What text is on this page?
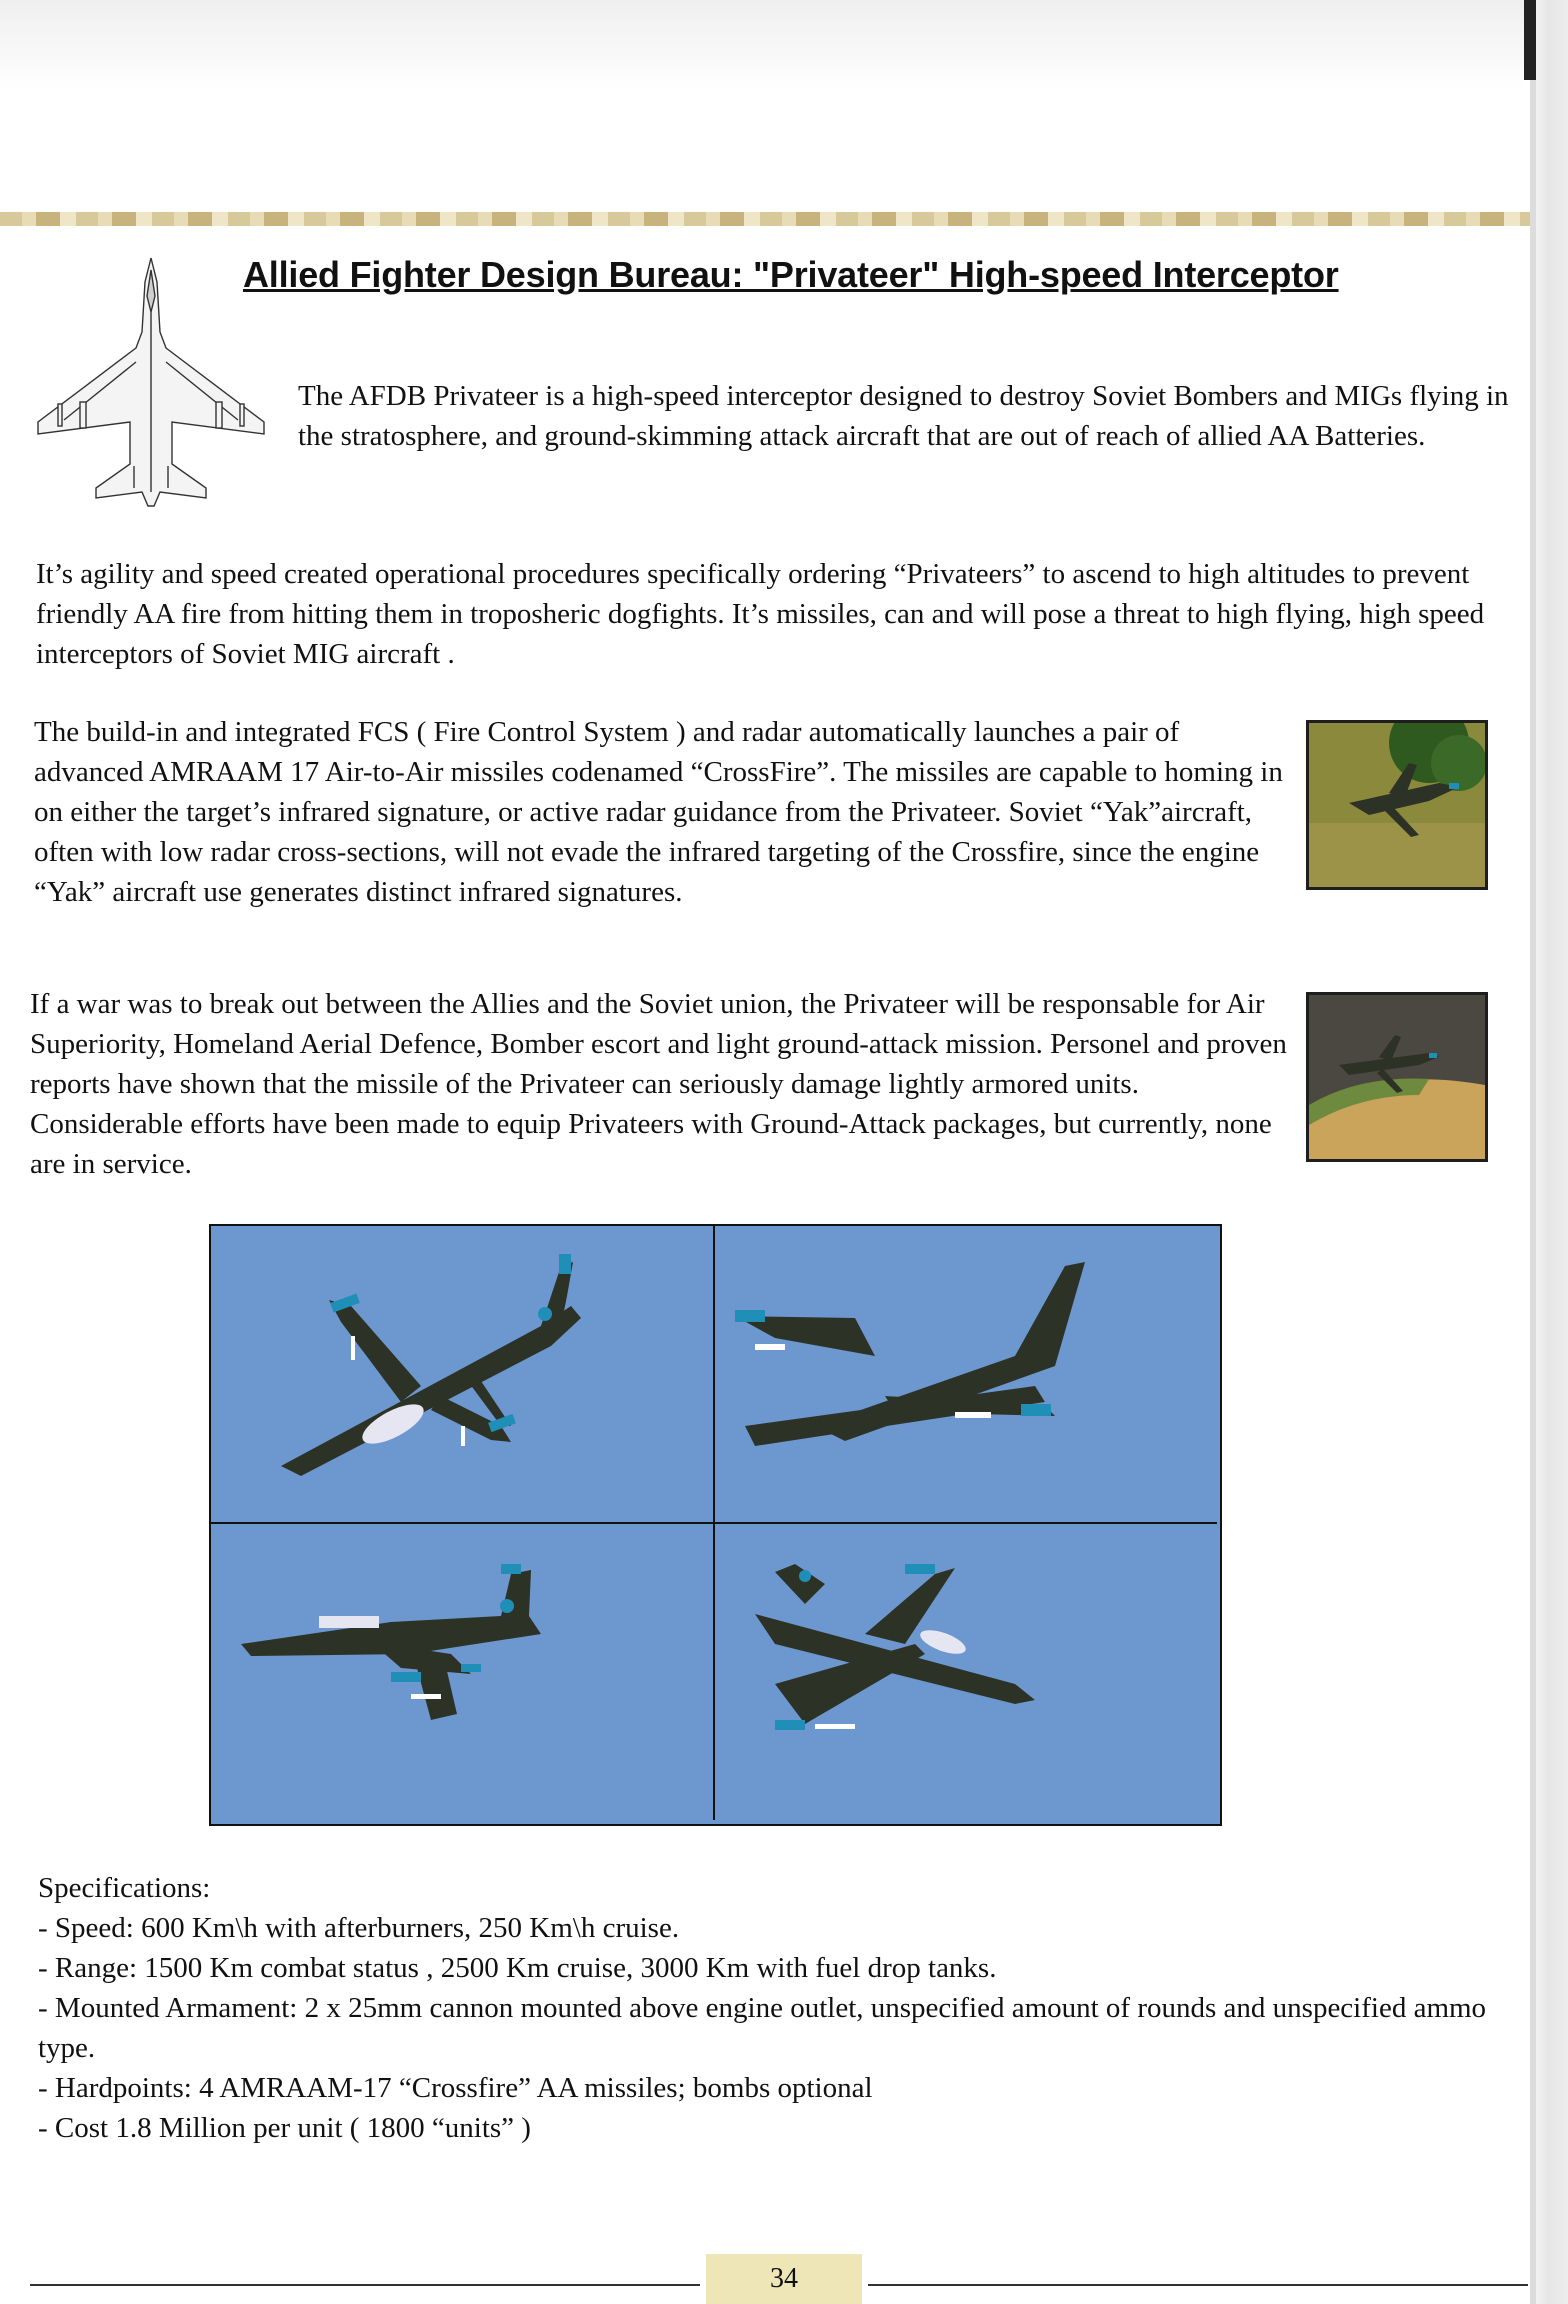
Allied Fighter Design Bureau: "Privateer" High-speed Interceptor

The AFDB Privateer is a high-speed interceptor designed to destroy Soviet Bombers and MIGs flying in the stratosphere, and ground-skimming attack aircraft that are out of reach of allied AA Batteries.

It’s agility and speed created operational procedures specifically ordering “Privateers” to ascend to high altitudes to prevent friendly AA fire from hitting them in troposheric dogfights. It’s missiles, can and will pose a threat to high flying, high speed interceptors of Soviet MIG aircraft .

The build-in and integrated FCS ( Fire Control System ) and radar automatically launches a pair of advanced AMRAAM 17 Air-to-Air missiles codenamed “CrossFire”. The missiles are capable to homing in on either the target’s infrared signature, or active radar guidance from the Privateer. Soviet “Yak”aircraft, often with low radar cross-sections, will not evade the infrared targeting of the Crossfire, since the engine “Yak” aircraft use generates distinct infrared signatures.

If a war was to break out between the Allies and the Soviet union, the Privateer will be responsable for Air Superiority, Homeland Aerial Defence, Bomber escort and light ground-attack mission. Personel and proven reports have shown that the missile of the Privateer can seriously damage lightly armored units. Considerable efforts have been made to equip Privateers with Ground-Attack packages, but currently, none are in service.

Specifications:
- Speed: 600 Km\h with afterburners, 250 Km\h cruise.
- Range: 1500 Km combat status , 2500 Km cruise, 3000 Km with fuel drop tanks.
- Mounted Armament: 2 x 25mm cannon mounted above engine outlet, unspecified amount of rounds and unspecified ammo type.
- Hardpoints: 4 AMRAAM-17 “Crossfire” AA missiles; bombs optional
- Cost 1.8 Million per unit ( 1800 “units” )
34
